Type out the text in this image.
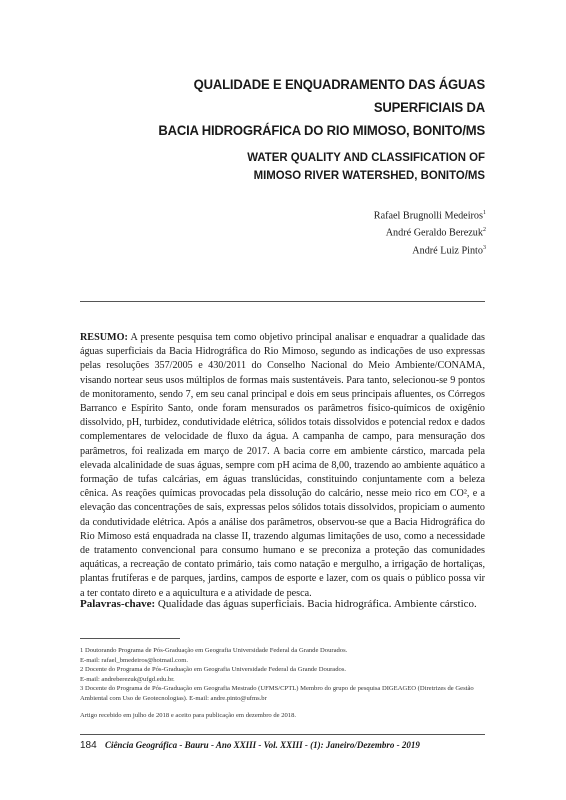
QUALIDADE E ENQUADRAMENTO DAS ÁGUAS SUPERFICIAIS DA
BACIA HIDROGRÁFICA DO RIO MIMOSO, BONITO/MS
WATER QUALITY AND CLASSIFICATION OF
MIMOSO RIVER WATERSHED, BONITO/MS
Rafael Brugnolli Medeiros$^1$
André Geraldo Berezuk$^2$
André Luiz Pinto$^3$
RESUMO: A presente pesquisa tem como objetivo principal analisar e enquadrar a qualidade das águas superficiais da Bacia Hidrográfica do Rio Mimoso, segundo as indicações de uso expressas pelas resoluções 357/2005 e 430/2011 do Conselho Nacional do Meio Ambiente/CONAMA, visando nortear seus usos múltiplos de formas mais sustentáveis. Para tanto, selecionou-se 9 pontos de monitoramento, sendo 7, em seu canal principal e dois em seus principais afluentes, os Córregos Barranco e Espírito Santo, onde foram mensurados os parâmetros físico-químicos de oxigênio dissolvido, pH, turbidez, condutividade elétrica, sólidos totais dissolvidos e potencial redox e dados complementares de velocidade de fluxo da água. A campanha de campo, para mensuração dos parâmetros, foi realizada em março de 2017. A bacia corre em ambiente cárstico, marcada pela elevada alcalinidade de suas águas, sempre com pH acima de 8,00, trazendo ao ambiente aquático a formação de tufas calcárias, em águas translúcidas, constituindo conjuntamente com a beleza cênica. As reações químicas provocadas pela dissolução do calcário, nesse meio rico em CO², e a elevação das concentrações de sais, expressas pelos sólidos totais dissolvidos, propiciam o aumento da condutividade elétrica. Após a análise dos parâmetros, observou-se que a Bacia Hidrográfica do Rio Mimoso está enquadrada na classe II, trazendo algumas limitações de uso, como a necessidade de tratamento convencional para consumo humano e se preconiza a proteção das comunidades aquáticas, a recreação de contato primário, tais como natação e mergulho, a irrigação de hortaliças, plantas frutíferas e de parques, jardins, campos de esporte e lazer, com os quais o público possa vir a ter contato direto e a aquicultura e a atividade de pesca.
Palavras-chave: Qualidade das águas superficiais. Bacia hidrográfica. Ambiente cárstico.

1 Doutorando Programa de Pós-Graduação em Geografia Universidade Federal da Grande Dourados.

E-mail: rafael_bmedeiros@hotmail.com.

2 Docente do Programa de Pós-Graduação em Geografia Universidade Federal da Grande Dourados.

E-mail: andreberezuk@ufgd.edu.br.

3 Docente do Programa de Pós-Graduação em Geografia Mestrado (UFMS/CPTL) Membro do grupo de pesquisa DIGEAGEO (Diretrizes de Gestão Ambiental com Uso de Geotecnologias). E-mail: andre.pinto@ufms.br

Artigo recebido em julho de 2018 e aceito para publicação em dezembro de 2018.
184 Ciência Geográfica - Bauru - Ano XXIII - Vol. XXIII - (1): Janeiro/Dezembro - 2019
